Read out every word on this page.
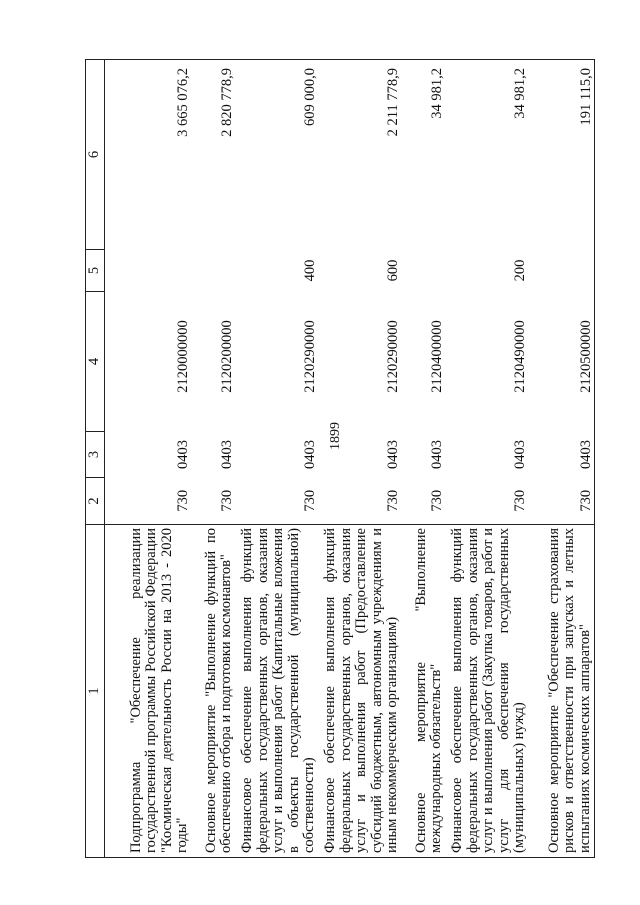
1899
1	2	3	4	5	6
Подпрограмма "Обеспечение реализации государственной программы Российской Федерации "Космическая деятельность России на 2013 - 2020 годы"	730	0403	2120000000		3 665 076,2
Основное мероприятие "Выполнение функций по обеспечению отбора и подготовки космонавтов"	730	0403	2120200000		2 820 778,9
Финансовое обеспечение выполнения функций федеральных государственных органов, оказания услуг и выполнения работ (Капитальные вложения в объекты государственной (муниципальной) собственности)	730	0403	2120290000	400	609 000,0
Финансовое обеспечение выполнения функций федеральных государственных органов, оказания услуг и выполнения работ (Предоставление субсидий бюджетным, автономным учреждениям и иным некоммерческим организациям)	730	0403	2120290000	600	2 211 778,9
Основное мероприятие "Выполнение международных обязательств"	730	0403	2120400000		34 981,2
Финансовое обеспечение выполнения функций федеральных государственных органов, оказания услуг и выполнения работ (Закупка товаров, работ и услуг для обеспечения государственных (муниципальных) нужд)	730	0403	2120490000	200	34 981,2
Основное мероприятие "Обеспечение страхования рисков и ответственности при запусках и летных испытаниях космических аппаратов"	730	0403	2120500000		191 115,0
